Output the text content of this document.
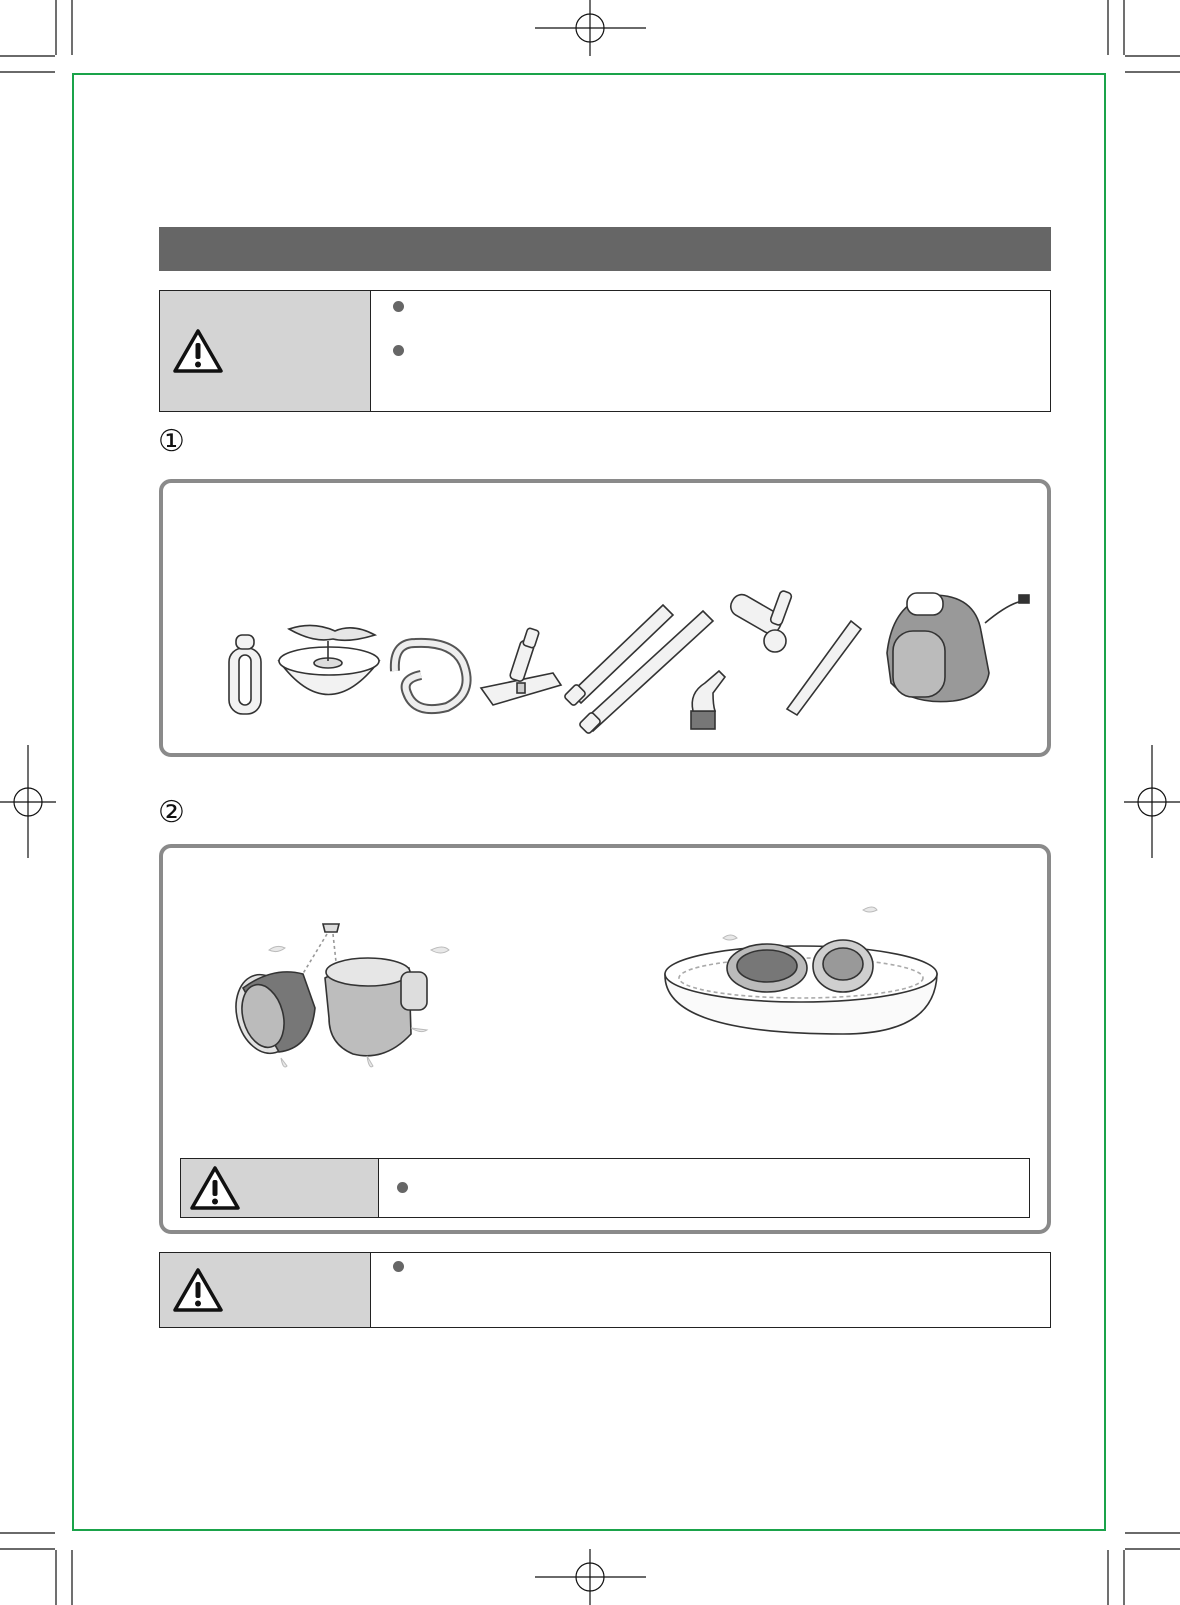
①
②
